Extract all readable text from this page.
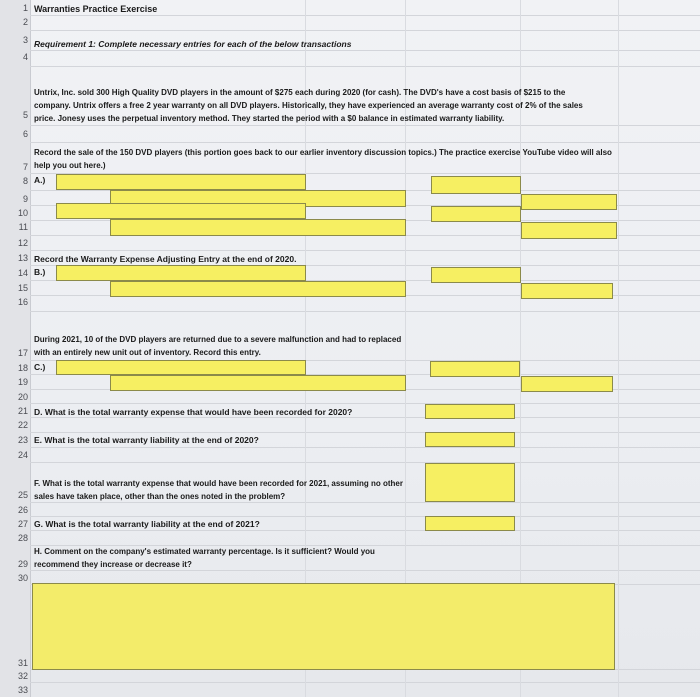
1
2
3
4
5
6
7
8
9
10
11
12
13
14
15
16
17
18
19
20
21
22
23
24
25
26
27
28
29
30
31
32
33
Warranties Practice Exercise
Requirement 1: Complete necessary entries for each of the below transactions
Untrix, Inc. sold 300 High Quality DVD players in the amount of $275 each during 2020 (for cash). The DVD's have a cost basis of $215 to the company. Untrix offers a free 2 year warranty on all DVD players. Historically, they have experienced an average warranty cost of 2% of the sales price. Jonesy uses the perpetual inventory method. They started the period with a $0 balance in estimated warranty liability.
Record the sale of the 150 DVD players (this portion goes back to our earlier inventory discussion topics.) The practice exercise YouTube video will also help you out here.)
A.)
Record the Warranty Expense Adjusting Entry at the end of 2020.
B.)
During 2021, 10 of the DVD players are returned due to a severe malfunction and had to replaced with an entirely new unit out of inventory. Record this entry.
C.)
D. What is the total warranty expense that would have been recorded for 2020?
E. What is the total warranty liability at the end of 2020?
F. What is the total warranty expense that would have been recorded for 2021, assuming no other sales have taken place, other than the ones noted in the problem?
G. What is the total warranty liability at the end of 2021?
H. Comment on the company's estimated warranty percentage. Is it sufficient? Would you recommend they increase or decrease it?
